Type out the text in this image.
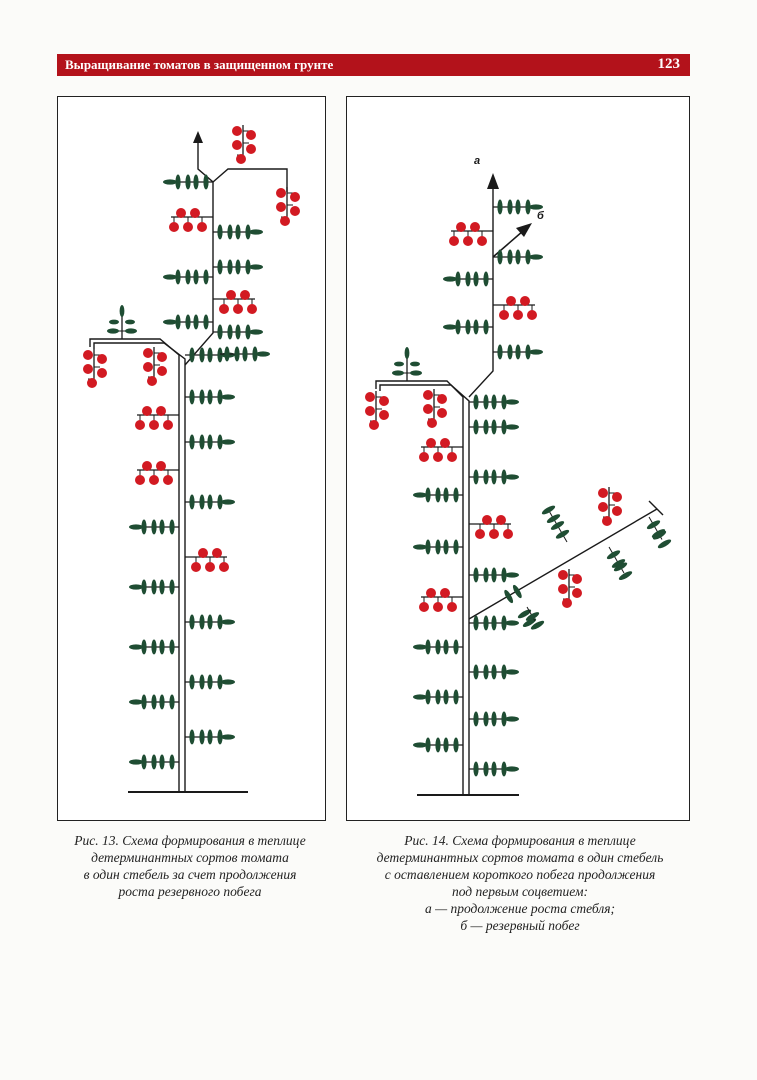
Выращивание томатов в защищенном грунте	123
а
б
Рис. 13. Схема формирования в теплице
детерминантных сортов томата
в один стебель за счет продолжения
роста резервного побега
Рис. 14. Схема формирования в теплице
детерминантных сортов томата в один стебель
с оставлением короткого побега продолжения
под первым соцветием:
а — продолжение роста стебля;
б — резервный побег
